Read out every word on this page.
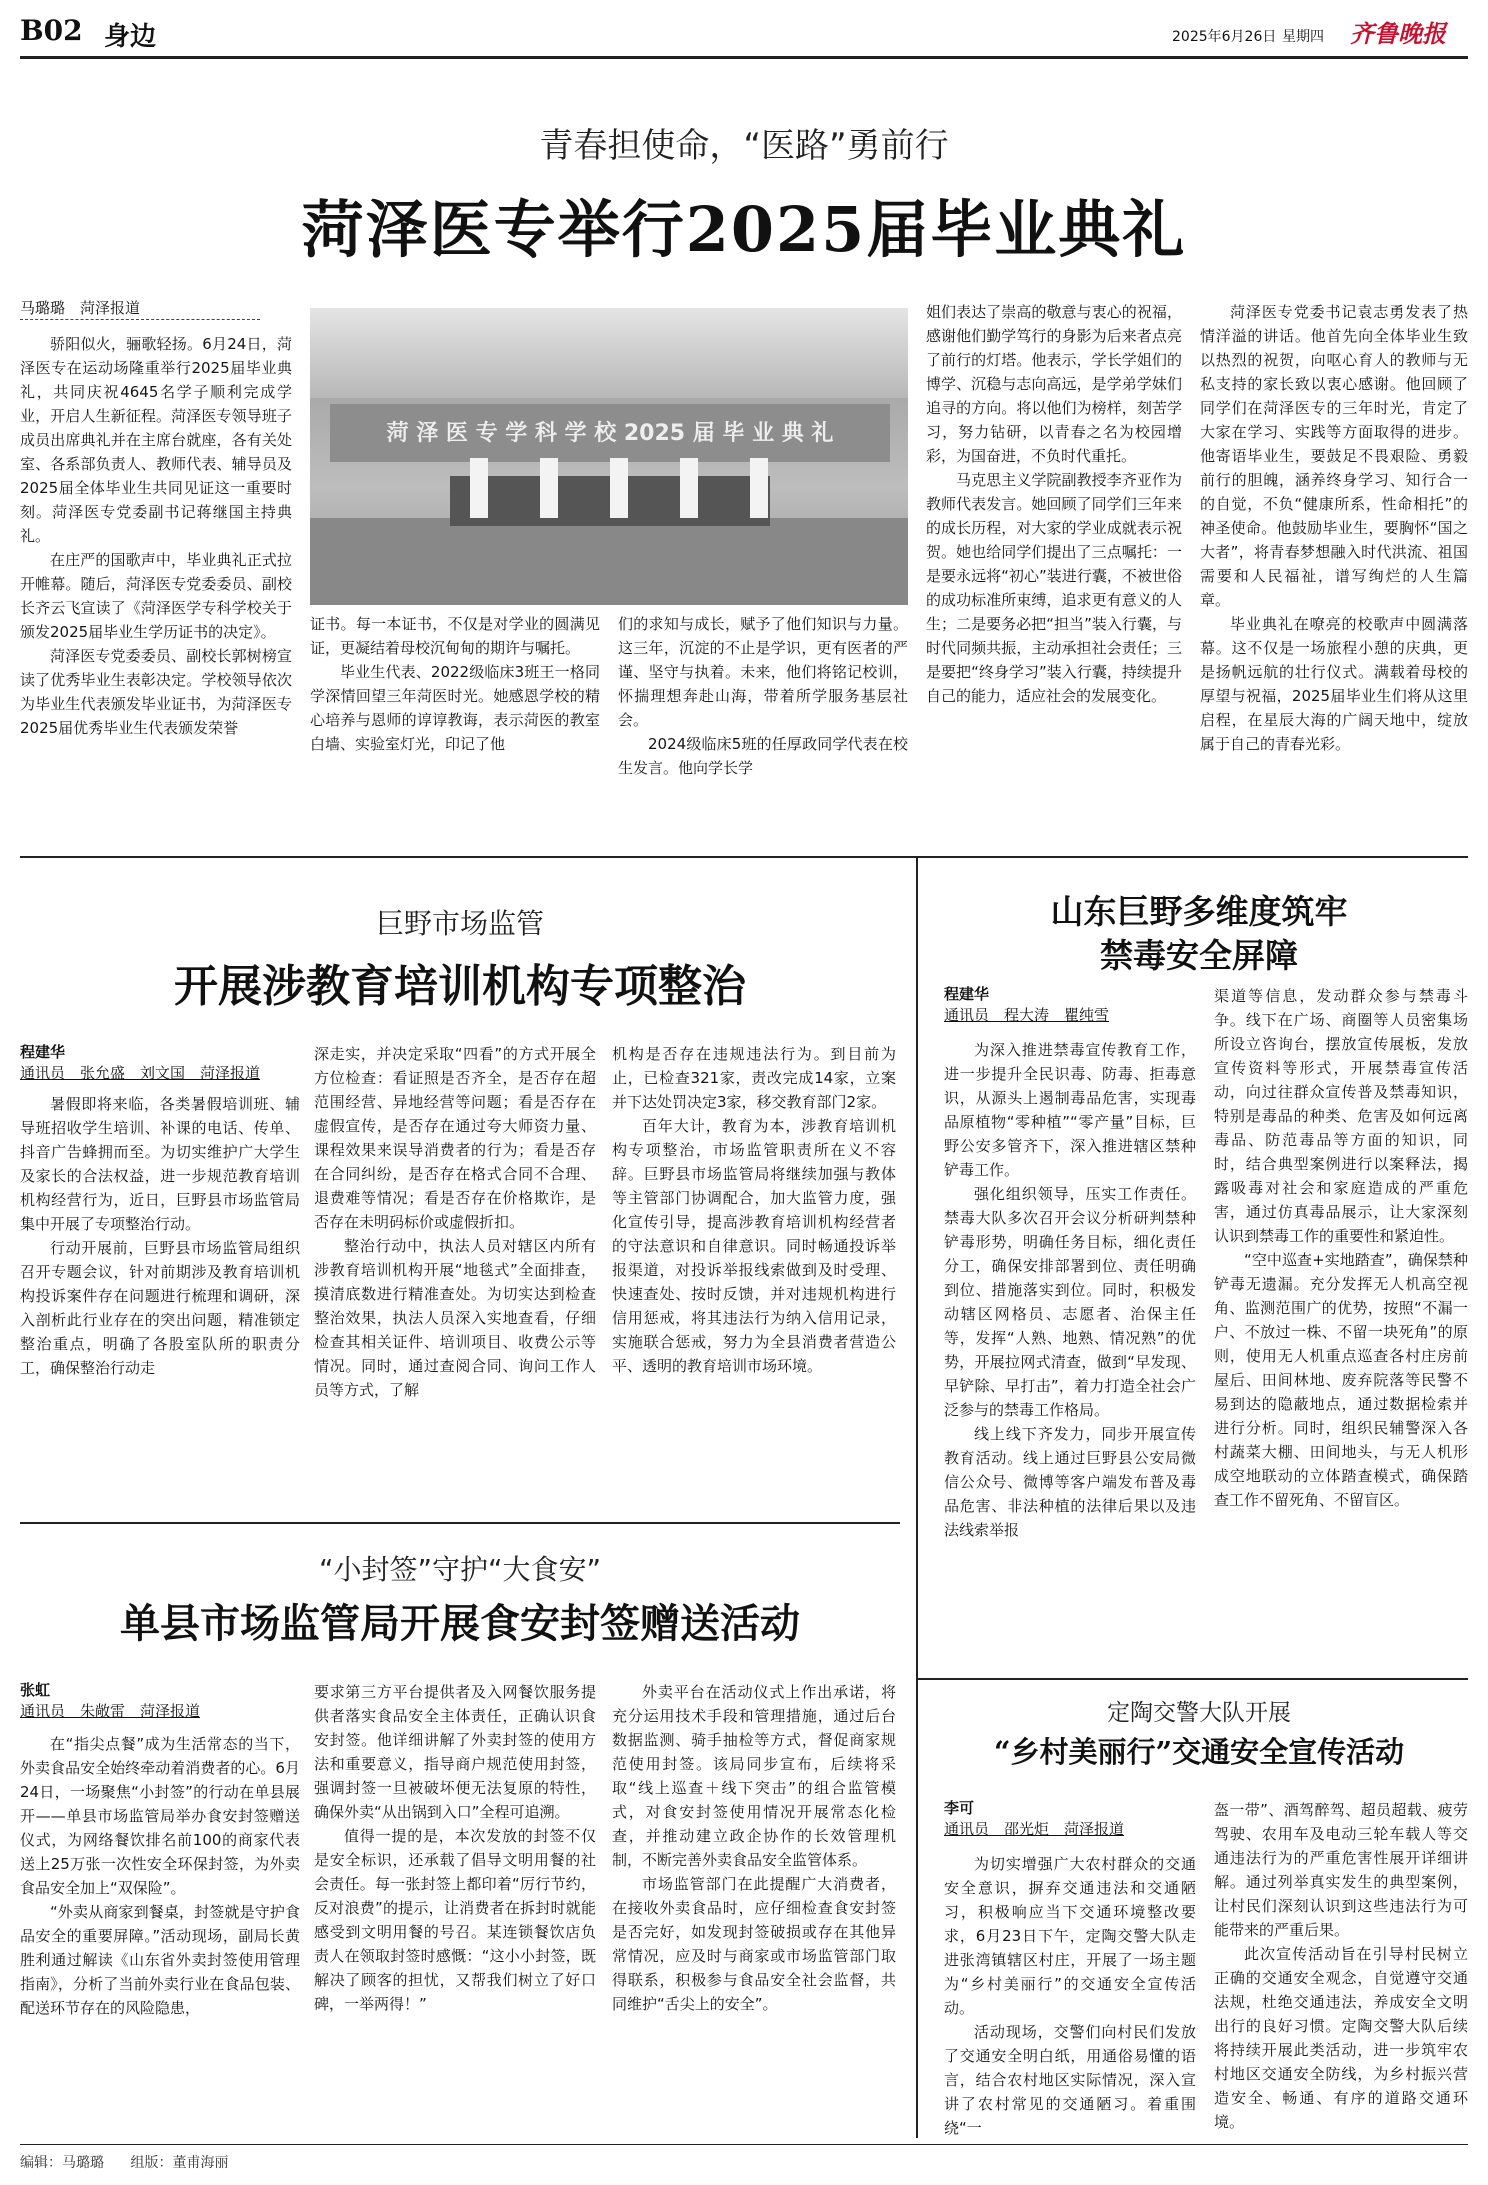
B02 身边	2025年6月26日 星期四 齐鲁晚报
青春担使命，“医路”勇前行
菏泽医专举行2025届毕业典礼
马璐璐　菏泽报道
菏 泽 医 专 学 科 学 校 2025 届 毕 业 典 礼

骄阳似火，骊歌轻扬。6月24日，菏泽医专在运动场隆重举行2025届毕业典礼，共同庆祝4645名学子顺利完成学业，开启人生新征程。菏泽医专领导班子成员出席典礼并在主席台就座，各有关处室、各系部负责人、教师代表、辅导员及2025届全体毕业生共同见证这一重要时刻。菏泽医专党委副书记蒋继国主持典礼。

在庄严的国歌声中，毕业典礼正式拉开帷幕。随后，菏泽医专党委委员、副校长齐云飞宣读了《菏泽医学专科学校关于颁发2025届毕业生学历证书的决定》。

菏泽医专党委委员、副校长郭树榜宣读了优秀毕业生表彰决定。学校领导依次为毕业生代表颁发毕业证书，为菏泽医专2025届优秀毕业生代表颁发荣誉

证书。每一本证书，不仅是对学业的圆满见证，更凝结着母校沉甸甸的期许与嘱托。

毕业生代表、2022级临床3班王一格同学深情回望三年菏医时光。她感恩学校的精心培养与恩师的谆谆教诲，表示菏医的教室白墙、实验室灯光，印记了他

们的求知与成长，赋予了他们知识与力量。这三年，沉淀的不止是学识，更有医者的严谨、坚守与执着。未来，他们将铭记校训，怀揣理想奔赴山海，带着所学服务基层社会。

2024级临床5班的任厚政同学代表在校生发言。他向学长学

姐们表达了崇高的敬意与衷心的祝福，感谢他们勤学笃行的身影为后来者点亮了前行的灯塔。他表示，学长学姐们的博学、沉稳与志向高远，是学弟学妹们追寻的方向。将以他们为榜样，刻苦学习，努力钻研，以青春之名为校园增彩，为国奋进，不负时代重托。

马克思主义学院副教授李齐亚作为教师代表发言。她回顾了同学们三年来的成长历程，对大家的学业成就表示祝贺。她也给同学们提出了三点嘱托：一是要永远将“初心”装进行囊，不被世俗的成功标准所束缚，追求更有意义的人生；二是要务必把“担当”装入行囊，与时代同频共振，主动承担社会责任；三是要把“终身学习”装入行囊，持续提升自己的能力，适应社会的发展变化。

菏泽医专党委书记袁志勇发表了热情洋溢的讲话。他首先向全体毕业生致以热烈的祝贺，向呕心育人的教师与无私支持的家长致以衷心感谢。他回顾了同学们在菏泽医专的三年时光，肯定了大家在学习、实践等方面取得的进步。他寄语毕业生，要鼓足不畏艰险、勇毅前行的胆魄，涵养终身学习、知行合一的自觉，不负“健康所系，性命相托”的神圣使命。他鼓励毕业生，要胸怀“国之大者”，将青春梦想融入时代洪流、祖国需要和人民福祉，谱写绚烂的人生篇章。

毕业典礼在嘹亮的校歌声中圆满落幕。这不仅是一场旅程小憩的庆典，更是扬帆远航的壮行仪式。满载着母校的厚望与祝福，2025届毕业生们将从这里启程，在星辰大海的广阔天地中，绽放属于自己的青春光彩。

巨野市场监管
开展涉教育培训机构专项整治
程建华
通讯员　张允盛　刘文国　菏泽报道

暑假即将来临，各类暑假培训班、辅导班招收学生培训、补课的电话、传单、抖音广告蜂拥而至。为切实维护广大学生及家长的合法权益，进一步规范教育培训机构经营行为，近日，巨野县市场监管局集中开展了专项整治行动。

行动开展前，巨野县市场监管局组织召开专题会议，针对前期涉及教育培训机构投诉案件存在问题进行梳理和调研，深入剖析此行业存在的突出问题，精准锁定整治重点，明确了各股室队所的职责分工，确保整治行动走

深走实，并决定采取“四看”的方式开展全方位检查：看证照是否齐全，是否存在超范围经营、异地经营等问题；看是否存在虚假宣传，是否存在通过夸大师资力量、课程效果来误导消费者的行为；看是否存在合同纠纷，是否存在格式合同不合理、退费难等情况；看是否存在价格欺诈，是否存在未明码标价或虚假折扣。

整治行动中，执法人员对辖区内所有涉教育培训机构开展“地毯式”全面排查，摸清底数进行精准查处。为切实达到检查整治效果，执法人员深入实地查看，仔细检查其相关证件、培训项目、收费公示等情况。同时，通过查阅合同、询问工作人员等方式，了解

机构是否存在违规违法行为。到目前为止，已检查321家，责改完成14家，立案并下达处罚决定3家，移交教育部门2家。

百年大计，教育为本，涉教育培训机构专项整治，市场监管职责所在义不容辞。巨野县市场监管局将继续加强与教体等主管部门协调配合，加大监管力度，强化宣传引导，提高涉教育培训机构经营者的守法意识和自律意识。同时畅通投诉举报渠道，对投诉举报线索做到及时受理、快速查处、按时反馈，并对违规机构进行信用惩戒，将其违法行为纳入信用记录，实施联合惩戒，努力为全县消费者营造公平、透明的教育培训市场环境。

山东巨野多维度筑牢
禁毒安全屏障
程建华
通讯员　程大涛　瞿纯雪

为深入推进禁毒宣传教育工作，进一步提升全民识毒、防毒、拒毒意识，从源头上遏制毒品危害，实现毒品原植物“零种植”“零产量”目标，巨野公安多管齐下，深入推进辖区禁种铲毒工作。

强化组织领导，压实工作责任。禁毒大队多次召开会议分析研判禁种铲毒形势，明确任务目标，细化责任分工，确保安排部署到位、责任明确到位、措施落实到位。同时，积极发动辖区网格员、志愿者、治保主任等，发挥“人熟、地熟、情况熟”的优势，开展拉网式清查，做到“早发现、早铲除、早打击”，着力打造全社会广泛参与的禁毒工作格局。

线上线下齐发力，同步开展宣传教育活动。线上通过巨野县公安局微信公众号、微博等客户端发布普及毒品危害、非法种植的法律后果以及违法线索举报

渠道等信息，发动群众参与禁毒斗争。线下在广场、商圈等人员密集场所设立咨询台，摆放宣传展板，发放宣传资料等形式，开展禁毒宣传活动，向过往群众宣传普及禁毒知识，特别是毒品的种类、危害及如何远离毒品、防范毒品等方面的知识，同时，结合典型案例进行以案释法，揭露吸毒对社会和家庭造成的严重危害，通过仿真毒品展示，让大家深刻认识到禁毒工作的重要性和紧迫性。

“空中巡查+实地踏查”，确保禁种铲毒无遗漏。充分发挥无人机高空视角、监测范围广的优势，按照“不漏一户、不放过一株、不留一块死角”的原则，使用无人机重点巡查各村庄房前屋后、田间林地、废弃院落等民警不易到达的隐蔽地点，通过数据检索并进行分析。同时，组织民辅警深入各村蔬菜大棚、田间地头，与无人机形成空地联动的立体踏查模式，确保踏查工作不留死角、不留盲区。

“小封签”守护“大食安”
单县市场监管局开展食安封签赠送活动
张虹
通讯员　朱敞雷　菏泽报道

在“指尖点餐”成为生活常态的当下，外卖食品安全始终牵动着消费者的心。6月24日，一场聚焦“小封签”的行动在单县展开——单县市场监管局举办食安封签赠送仪式，为网络餐饮排名前100的商家代表送上25万张一次性安全环保封签，为外卖食品安全加上“双保险”。

“外卖从商家到餐桌，封签就是守护食品安全的重要屏障。”活动现场，副局长黄胜利通过解读《山东省外卖封签使用管理指南》，分析了当前外卖行业在食品包装、配送环节存在的风险隐患，

要求第三方平台提供者及入网餐饮服务提供者落实食品安全主体责任，正确认识食安封签。他详细讲解了外卖封签的使用方法和重要意义，指导商户规范使用封签，强调封签一旦被破坏便无法复原的特性，确保外卖“从出锅到入口”全程可追溯。

值得一提的是，本次发放的封签不仅是安全标识，还承载了倡导文明用餐的社会责任。每一张封签上都印着“厉行节约，反对浪费”的提示，让消费者在拆封时就能感受到文明用餐的号召。某连锁餐饮店负责人在领取封签时感慨：“这小小封签，既解决了顾客的担忧，又帮我们树立了好口碑，一举两得！”

外卖平台在活动仪式上作出承诺，将充分运用技术手段和管理措施，通过后台数据监测、骑手抽检等方式，督促商家规范使用封签。该局同步宣布，后续将采取“线上巡查＋线下突击”的组合监管模式，对食安封签使用情况开展常态化检查，并推动建立政企协作的长效管理机制，不断完善外卖食品安全监管体系。

市场监管部门在此提醒广大消费者，在接收外卖食品时，应仔细检查食安封签是否完好，如发现封签破损或存在其他异常情况，应及时与商家或市场监管部门取得联系，积极参与食品安全社会监督，共同维护“舌尖上的安全”。

定陶交警大队开展
“乡村美丽行”交通安全宣传活动
李可
通讯员　邵光炬　菏泽报道

为切实增强广大农村群众的交通安全意识，摒弃交通违法和交通陋习，积极响应当下交通环境整改要求，6月23日下午，定陶交警大队走进张湾镇辖区村庄，开展了一场主题为“乡村美丽行”的交通安全宣传活动。

活动现场，交警们向村民们发放了交通安全明白纸，用通俗易懂的语言，结合农村地区实际情况，深入宣讲了农村常见的交通陋习。着重围绕“一

盔一带”、酒驾醉驾、超员超载、疲劳驾驶、农用车及电动三轮车载人等交通违法行为的严重危害性展开详细讲解。通过列举真实发生的典型案例，让村民们深刻认识到这些违法行为可能带来的严重后果。

此次宣传活动旨在引导村民树立正确的交通安全观念，自觉遵守交通法规，杜绝交通违法，养成安全文明出行的良好习惯。定陶交警大队后续将持续开展此类活动，进一步筑牢农村地区交通安全防线，为乡村振兴营造安全、畅通、有序的道路交通环境。

编辑：马璐璐 组版：董甫海丽
